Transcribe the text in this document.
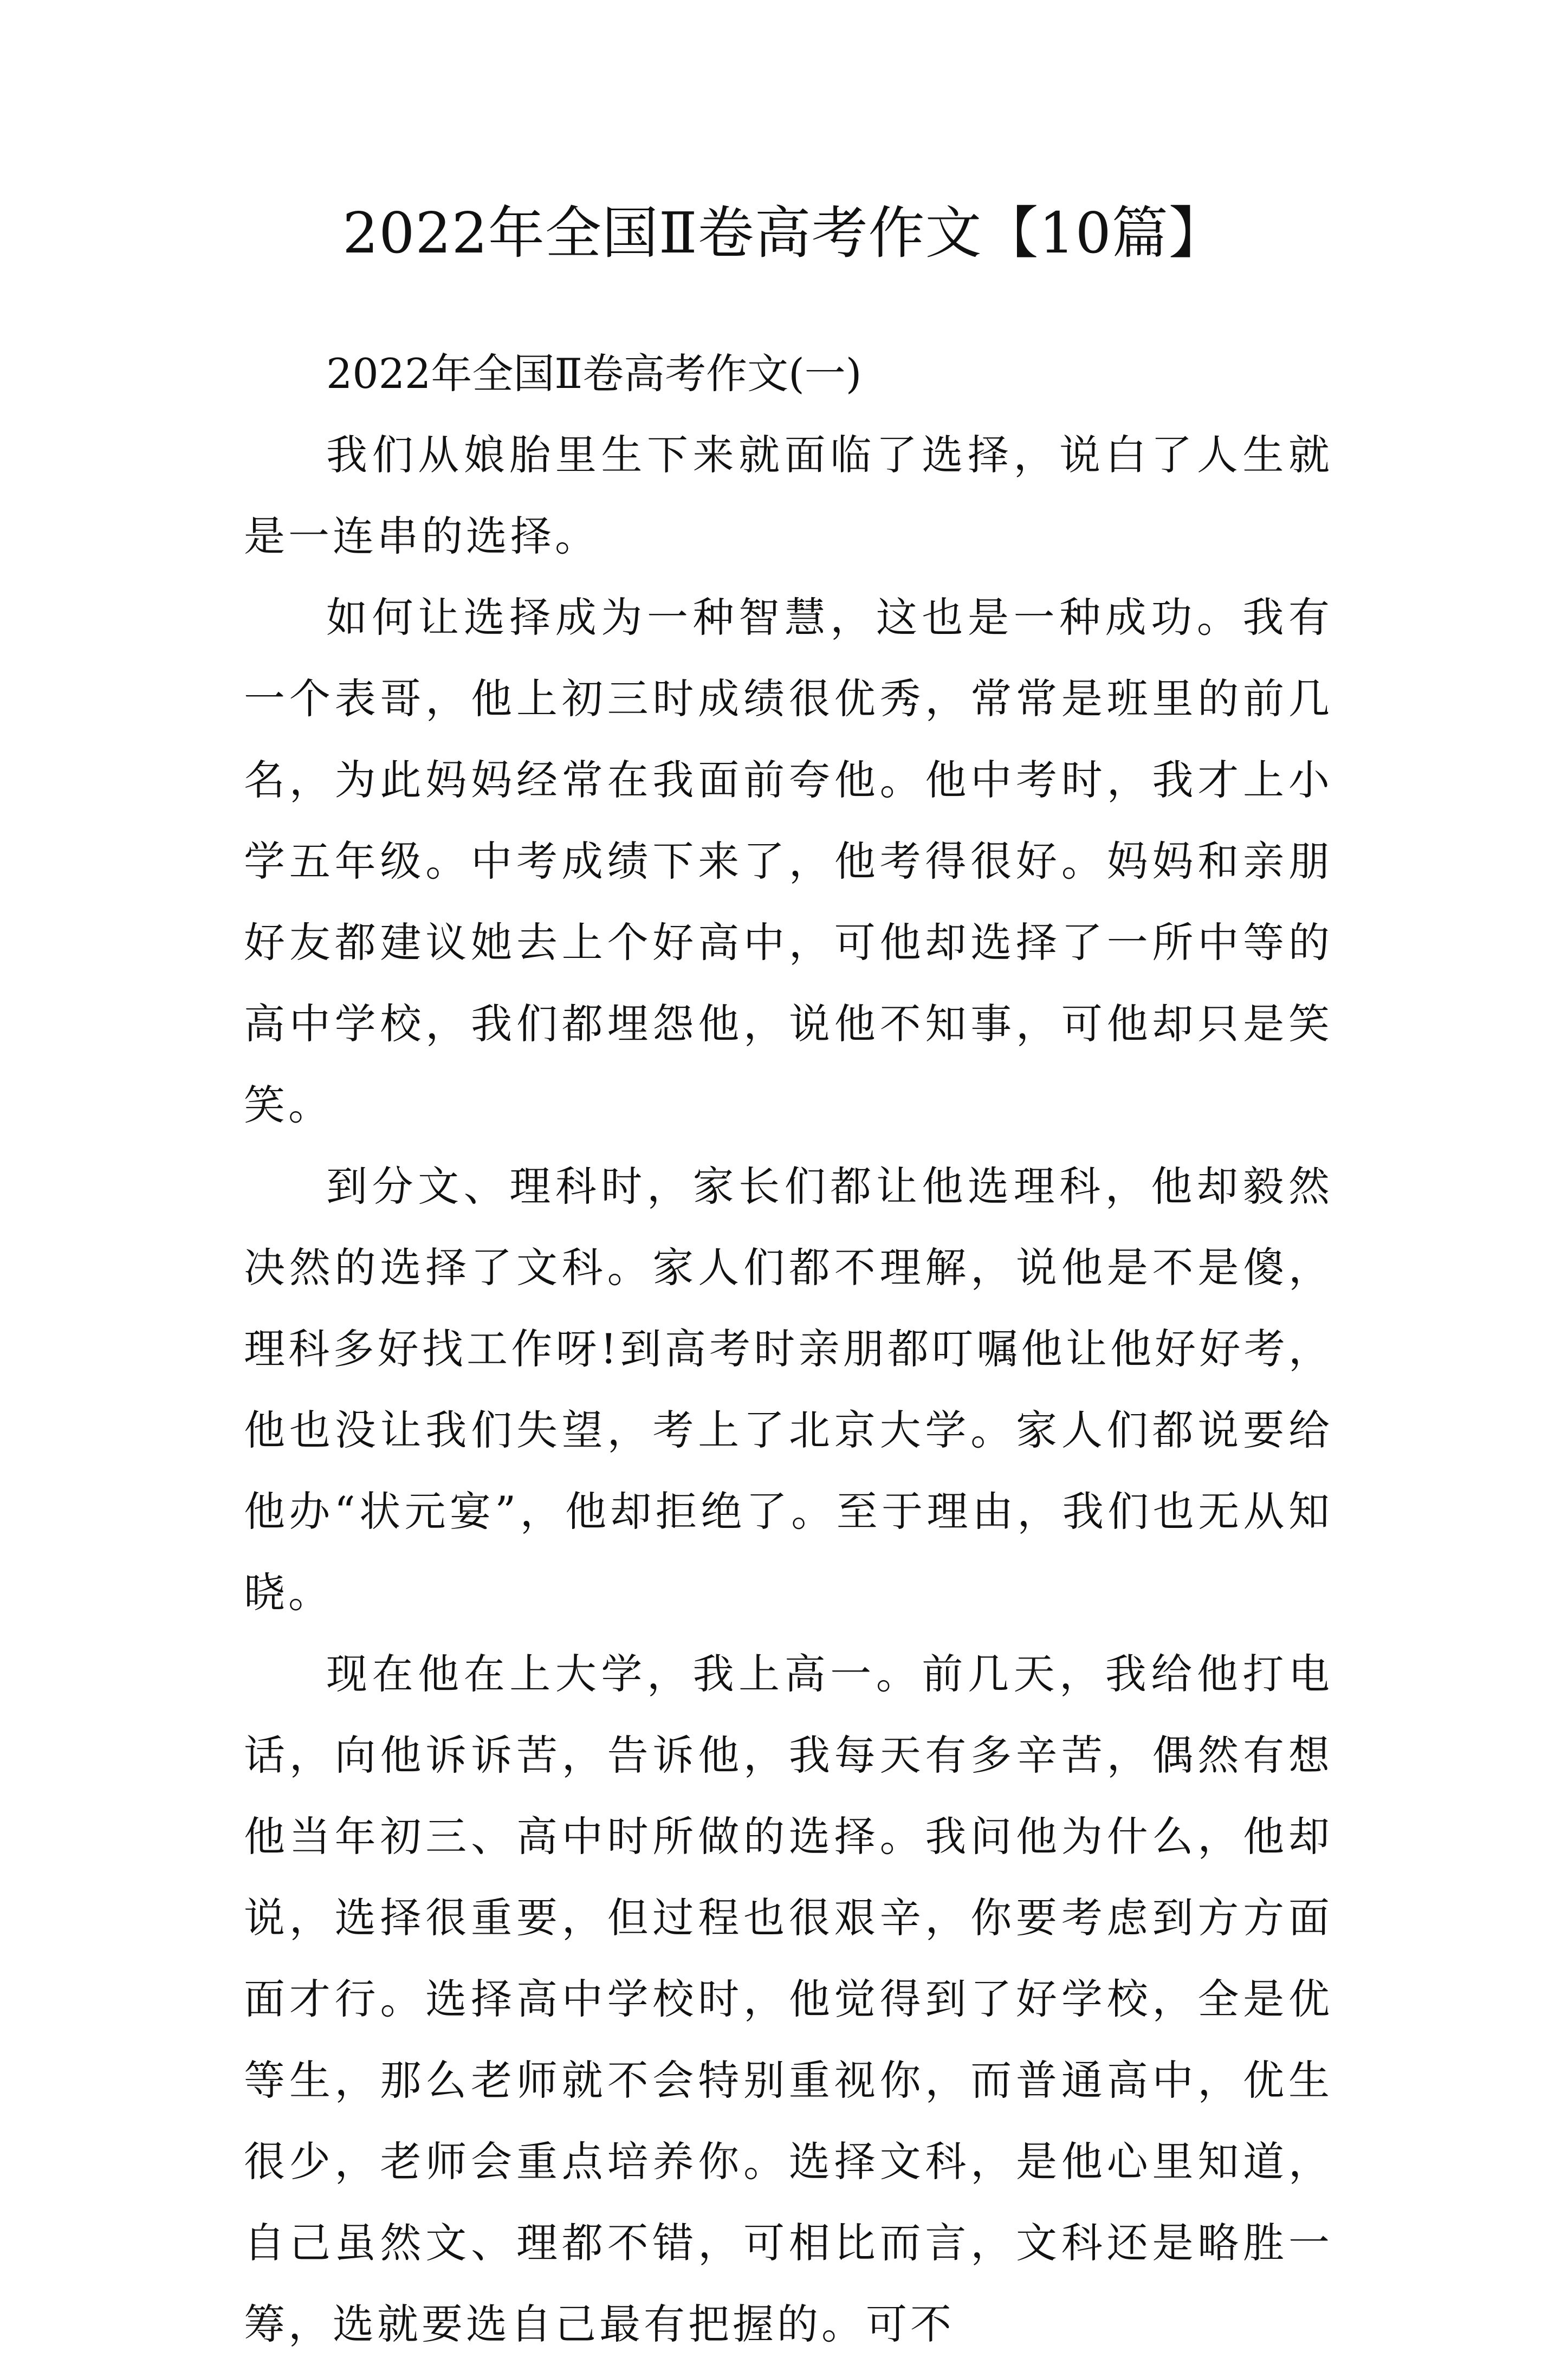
2022年全国Ⅱ卷高考作文【10篇】

2022年全国Ⅱ卷高考作文(一)

我们从娘胎里生下来就面临了选择，说白了人生就是一连串的选择。

如何让选择成为一种智慧，这也是一种成功。我有一个表哥，他上初三时成绩很优秀，常常是班里的前几名，为此妈妈经常在我面前夸他。他中考时，我才上小学五年级。中考成绩下来了，他考得很好。妈妈和亲朋好友都建议她去上个好高中，可他却选择了一所中等的高中学校，我们都埋怨他，说他不知事，可他却只是笑笑。

到分文、理科时，家长们都让他选理科，他却毅然决然的选择了文科。家人们都不理解，说他是不是傻，理科多好找工作呀!到高考时亲朋都叮嘱他让他好好考，他也没让我们失望，考上了北京大学。家人们都说要给他办“状元宴”，他却拒绝了。至于理由，我们也无从知晓。

现在他在上大学，我上高一。前几天，我给他打电话，向他诉诉苦，告诉他，我每天有多辛苦，偶然有想他当年初三、高中时所做的选择。我问他为什么，他却说，选择很重要，但过程也很艰辛，你要考虑到方方面面才行。选择高中学校时，他觉得到了好学校，全是优等生，那么老师就不会特别重视你，而普通高中，优生很少，老师会重点培养你。选择文科，是他心里知道，自己虽然文、理都不错，可相比而言，文科还是略胜一筹，选就要选自己最有把握的。可不
